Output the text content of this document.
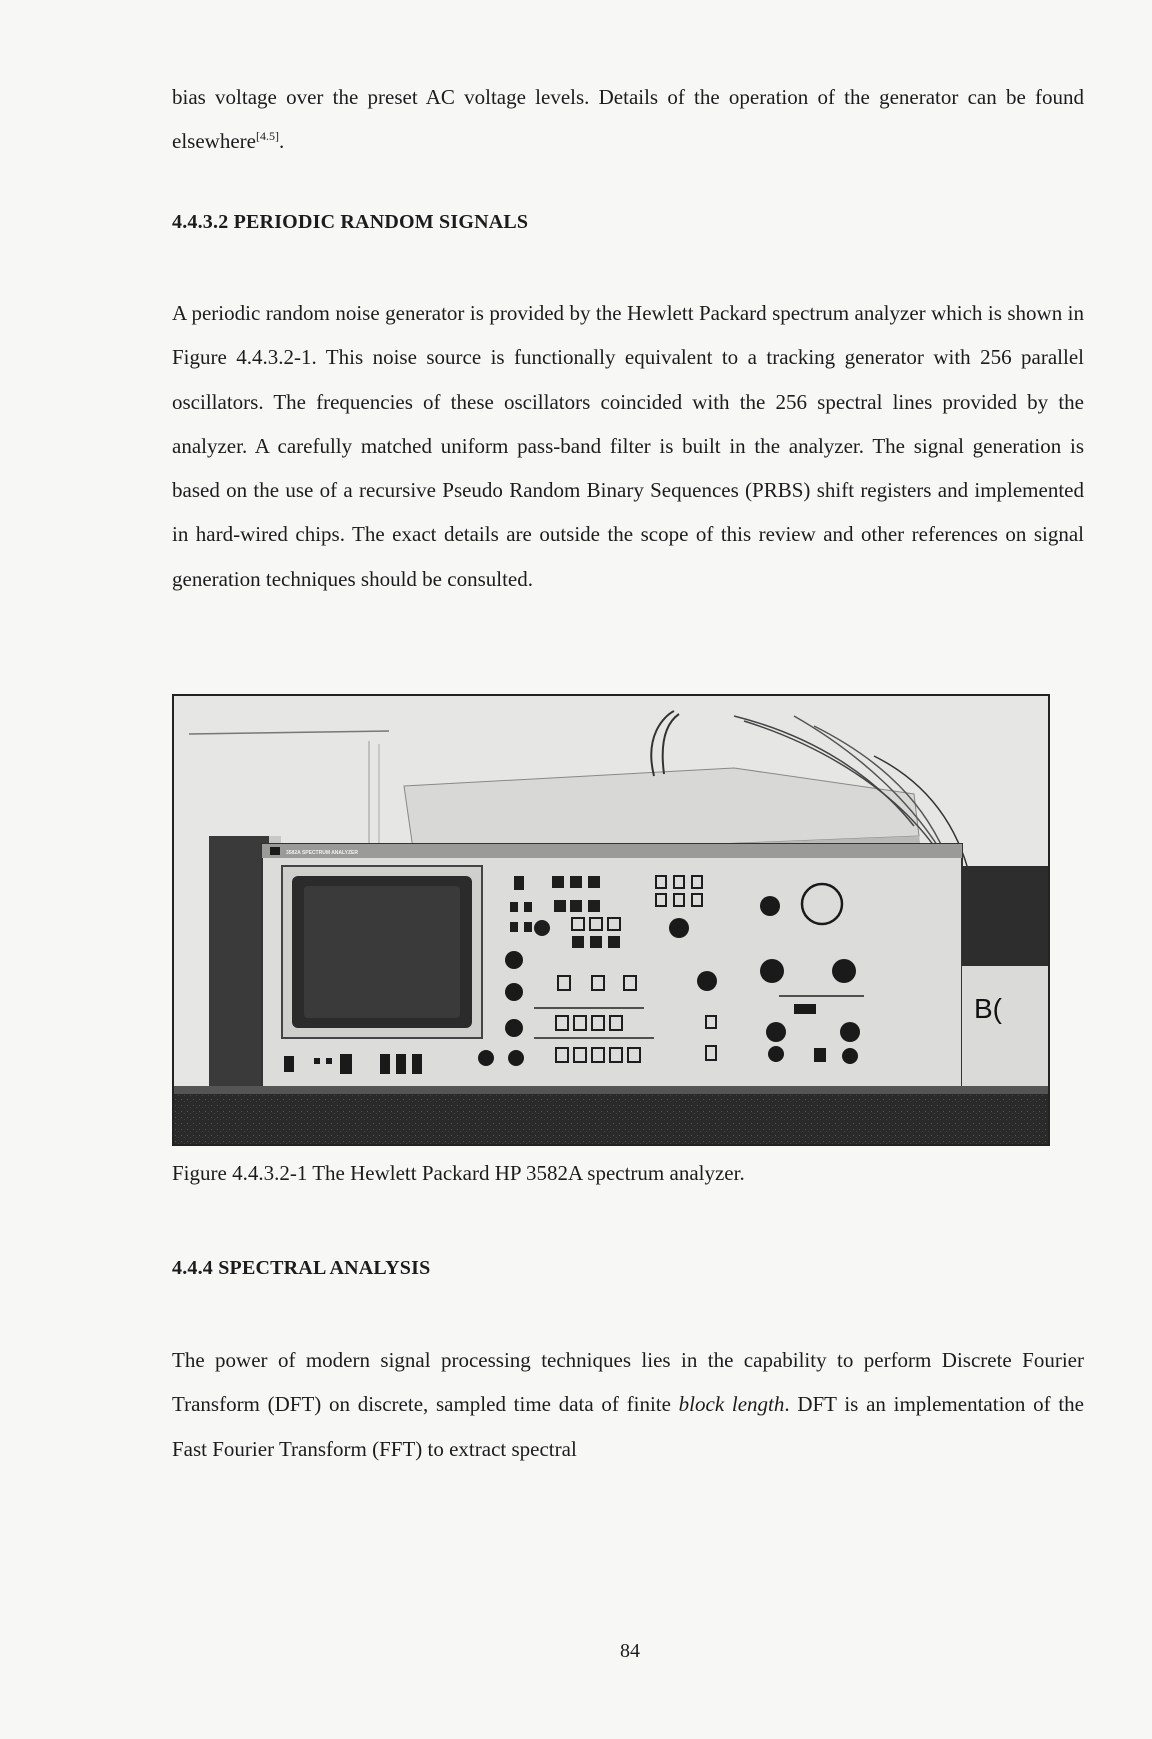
bias voltage over the preset AC voltage levels. Details of the operation of the generator can be found elsewhere[4.5].

4.4.3.2 PERIODIC RANDOM SIGNALS

A periodic random noise generator is provided by the Hewlett Packard spectrum analyzer which is shown in Figure 4.4.3.2-1. This noise source is functionally equivalent to a tracking generator with 256 parallel oscillators. The frequencies of these oscillators coincided with the 256 spectral lines provided by the analyzer. A carefully matched uniform pass-band filter is built in the analyzer. The signal generation is based on the use of a recursive Pseudo Random Binary Sequences (PRBS) shift registers and implemented in hard-wired chips. The exact details are outside the scope of this review and other references on signal generation techniques should be consulted.

3582A SPECTRUM ANALYZER
B(

Figure 4.4.3.2-1 The Hewlett Packard HP 3582A spectrum analyzer.

4.4.4 SPECTRAL ANALYSIS

The power of modern signal processing techniques lies in the capability to perform Discrete Fourier Transform (DFT) on discrete, sampled time data of finite block length. DFT is an implementation of the Fast Fourier Transform (FFT) to extract spectral

84
